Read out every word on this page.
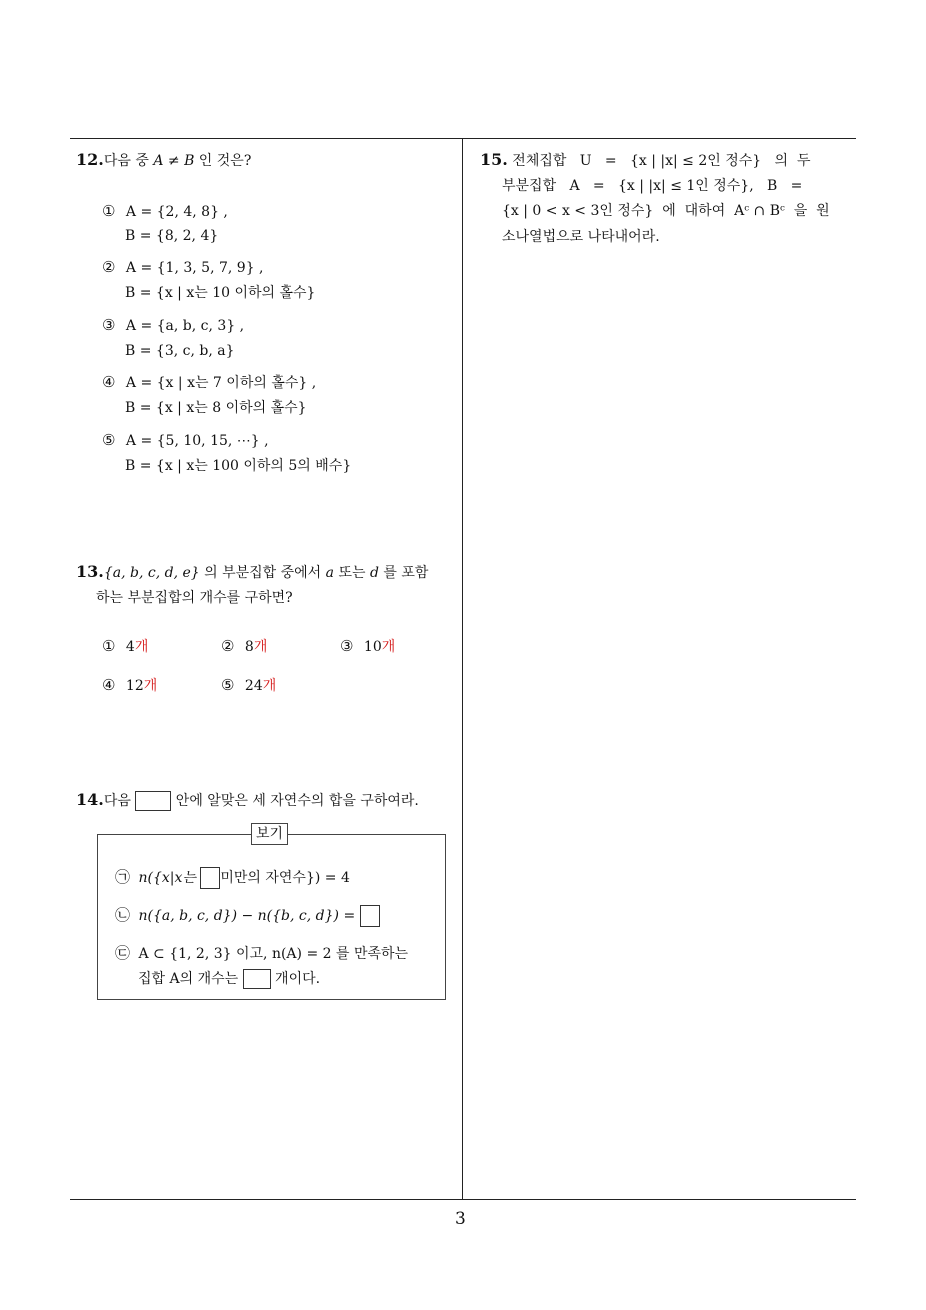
3
12.다음 중 A ≠ B 인 것은?
① A = {2, 4, 8} ,
B = {8, 2, 4}
② A = {1, 3, 5, 7, 9} ,
B = {x | x는 10 이하의 홀수}
③ A = {a, b, c, 3} ,
B = {3, c, b, a}
④ A = {x | x는 7 이하의 홀수} ,
B = {x | x는 8 이하의 홀수}
⑤ A = {5, 10, 15, ⋯} ,
B = {x | x는 100 이하의 5의 배수}
13.{a, b, c, d, e} 의 부분집합 중에서 a 또는 d 를 포함
하는 부분집합의 개수를 구하면?
① 4개	② 8개	③ 10개
④ 12개	⑤ 24개
14.다음	안에 알맞은 세 자연수의 합을 구하여라.
보기
㉠ n({x|x는 미만의 자연수}) = 4
㉡ n({a, b, c, d}) − n({b, c, d}) =
㉢ A ⊂ {1, 2, 3} 이고, n(A) = 2 를 만족하는
집합 A의 개수는  개이다.
15. 전체집합   U   =   {x | |x| ≤ 2인 정수}   의  두
부분집합   A   =   {x | |x| ≤ 1인 정수},   B   =
{x | 0 < x < 3인 정수}  에  대하여  Aᶜ ∩ Bᶜ  을  원
소나열법으로 나타내어라.
